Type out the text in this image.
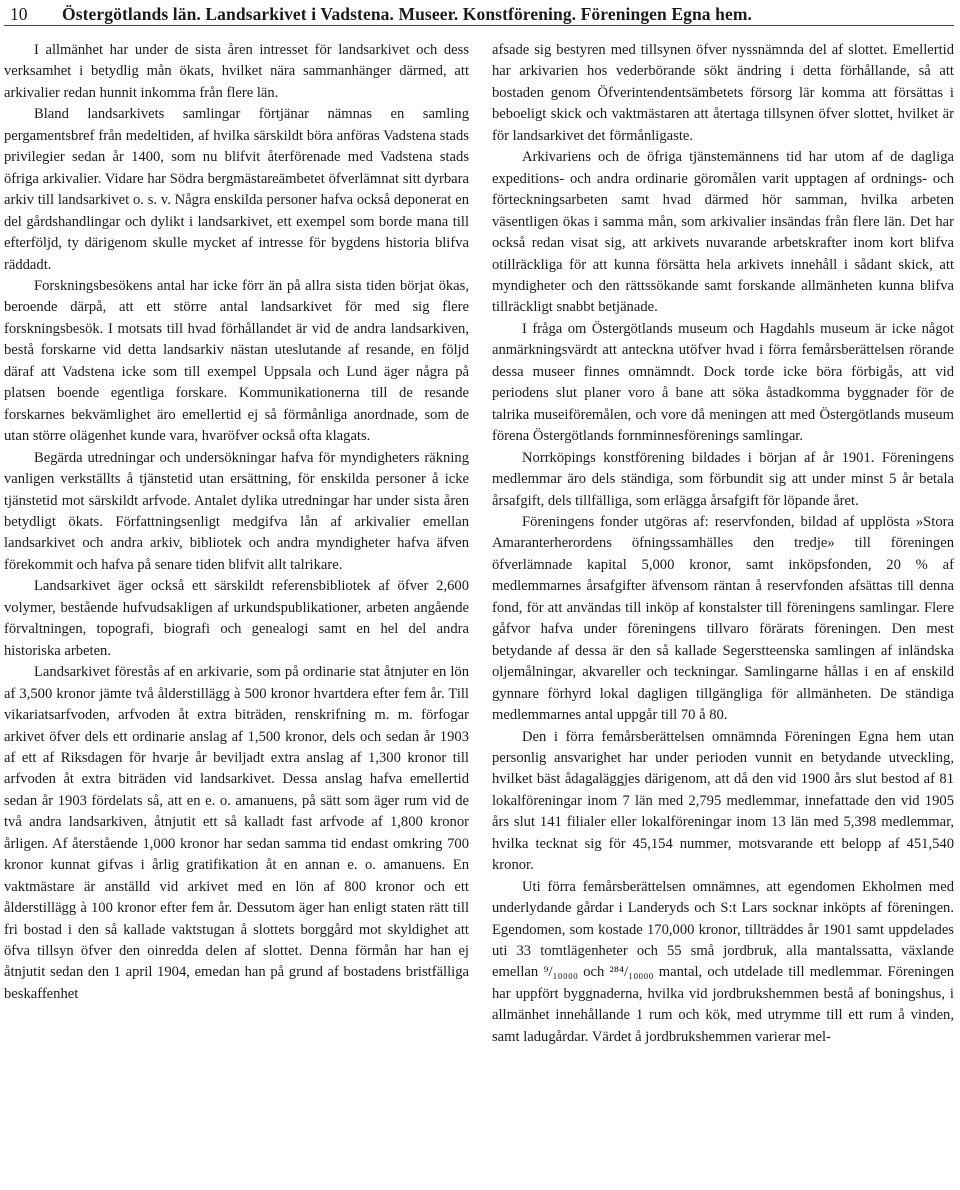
10 Östergötlands län. Landsarkivet i Vadstena. Museer. Konstförening. Föreningen Egna hem.

I allmänhet har under de sista åren intresset för landsarkivet och dess verksamhet i betydlig mån ökats, hvilket nära sammanhänger därmed, att arkivalier redan hunnit inkomma från flere län.

Bland landsarkivets samlingar förtjänar nämnas en samling pergamentsbref från medeltiden, af hvilka särskildt böra anföras Vadstena stads privilegier sedan år 1400, som nu blifvit återförenade med Vadstena stads öfriga arkivalier. Vidare har Södra bergmästareämbetet öfverlämnat sitt dyrbara arkiv till landsarkivet o. s. v. Några enskilda personer hafva också deponerat en del gårdshandlingar och dylikt i landsarkivet, ett exempel som borde mana till efterföljd, ty därigenom skulle mycket af intresse för bygdens historia blifva räddadt.

Forskningsbesökens antal har icke förr än på allra sista tiden börjat ökas, beroende därpå, att ett större antal landsarkivet för med sig flere forskningsbesök. I motsats till hvad förhållandet är vid de andra landsarkiven, bestå forskarne vid detta landsarkiv nästan uteslutande af resande, en följd däraf att Vadstena icke som till exempel Uppsala och Lund äger några på platsen boende egentliga forskare. Kommunikationerna till de resande forskarnes bekvämlighet äro emellertid ej så förmånliga anordnade, som de utan större olägenhet kunde vara, hvaröfver också ofta klagats.

Begärda utredningar och undersökningar hafva för myndigheters räkning vanligen verkställts å tjänstetid utan ersättning, för enskilda personer å icke tjänstetid mot särskildt arfvode. Antalet dylika utredningar har under sista åren betydligt ökats. Författningsenligt medgifva lån af arkivalier emellan landsarkivet och andra arkiv, bibliotek och andra myndigheter hafva äfven förekommit och hafva på senare tiden blifvit allt talrikare.

Landsarkivet äger också ett särskildt referensbibliotek af öfver 2,600 volymer, bestående hufvudsakligen af urkundspublikationer, arbeten angående förvaltningen, topografi, biografi och genealogi samt en hel del andra historiska arbeten.

Landsarkivet förestås af en arkivarie, som på ordinarie stat åtnjuter en lön af 3,500 kronor jämte två ålderstillägg à 500 kronor hvartdera efter fem år. Till vikariatsarfvoden, arfvoden åt extra biträden, renskrifning m. m. förfogar arkivet öfver dels ett ordinarie anslag af 1,500 kronor, dels och sedan år 1903 af ett af Riksdagen för hvarje år beviljadt extra anslag af 1,300 kronor till arfvoden åt extra biträden vid landsarkivet. Dessa anslag hafva emellertid sedan år 1903 fördelats så, att en e. o. amanuens, på sätt som äger rum vid de två andra landsarkiven, åtnjutit ett så kalladt fast arfvode af 1,800 kronor årligen. Af återstående 1,000 kronor har sedan samma tid endast omkring 700 kronor kunnat gifvas i årlig gratifikation åt en annan e. o. amanuens. En vaktmästare är anställd vid arkivet med en lön af 800 kronor och ett ålderstillägg à 100 kronor efter fem år. Dessutom äger han enligt staten rätt till fri bostad i den så kallade vaktstugan å slottets borggård mot skyldighet att öfva tillsyn öfver den oinredda delen af slottet. Denna förmån har han ej åtnjutit sedan den 1 april 1904, emedan han på grund af bostadens bristfälliga beskaffenhet

afsade sig bestyren med tillsynen öfver nyssnämnda del af slottet. Emellertid har arkivarien hos vederbörande sökt ändring i detta förhållande, så att bostaden genom Öfverintendentsämbetets försorg lär komma att försättas i beboeligt skick och vaktmästaren att återtaga tillsynen öfver slottet, hvilket är för landsarkivet det förmånligaste.

Arkivariens och de öfriga tjänstemännens tid har utom af de dagliga expeditions- och andra ordinarie göromålen varit upptagen af ordnings- och förteckningsarbeten samt hvad därmed hör samman, hvilka arbeten väsentligen ökas i samma mån, som arkivalier insändas från flere län. Det har också redan visat sig, att arkivets nuvarande arbetskrafter inom kort blifva otillräckliga för att kunna försätta hela arkivets innehåll i sådant skick, att myndigheter och den rättssökande samt forskande allmänheten kunna blifva tillräckligt snabbt betjänade.

I fråga om Östergötlands museum och Hagdahls museum är icke något anmärkningsvärdt att anteckna utöfver hvad i förra femårsberättelsen rörande dessa museer finnes omnämndt. Dock torde icke böra förbigås, att vid periodens slut planer voro å bane att söka åstadkomma byggnader för de talrika museiföremålen, och vore då meningen att med Östergötlands museum förena Östergötlands fornminnesförenings samlingar.

Norrköpings konstförening bildades i början af år 1901. Föreningens medlemmar äro dels ständiga, som förbundit sig att under minst 5 år betala årsafgift, dels tillfälliga, som erlägga årsafgift för löpande året.

Föreningens fonder utgöras af: reservfonden, bildad af upplösta »Stora Amaranterherordens öfningssamhälles den tredje» till föreningen öfverlämnade kapital 5,000 kronor, samt inköpsfonden, 20 % af medlemmarnes årsafgifter äfvensom räntan å reservfonden afsättas till denna fond, för att användas till inköp af konstalster till föreningens samlingar. Flere gåfvor hafva under föreningens tillvaro förärats föreningen. Den mest betydande af dessa är den så kallade Segerstteenska samlingen af inländska oljemålningar, akvareller och teckningar. Samlingarne hållas i en af enskild gynnare förhyrd lokal dagligen tillgängliga för allmänheten. De ständiga medlemmarnes antal uppgår till 70 å 80.

Den i förra femårsberättelsen omnämnda Föreningen Egna hem utan personlig ansvarighet har under perioden vunnit en betydande utveckling, hvilket bäst ådagaläggjes därigenom, att då den vid 1900 års slut bestod af 81 lokalföreningar inom 7 län med 2,795 medlemmar, innefattade den vid 1905 års slut 141 filialer eller lokalföreningar inom 13 län med 5,398 medlemmar, hvilka tecknat sig för 45,154 nummer, motsvarande ett belopp af 451,540 kronor.

Uti förra femårsberättelsen omnämnes, att egendomen Ekholmen med underlydande gårdar i Landeryds och S:t Lars socknar inköpts af föreningen. Egendomen, som kostade 170,000 kronor, tillträddes år 1901 samt uppdelades uti 33 tomtlägenheter och 55 små jordbruk, alla mantalssatta, växlande emellan ⁹/₁₀₀₀₀ och ²⁸⁴/₁₀₀₀₀ mantal, och utdelade till medlemmar. Föreningen har uppfört byggnaderna, hvilka vid jordbrukshemmen bestå af boningshus, i allmänhet innehållande 1 rum och kök, med utrymme till ett rum å vinden, samt ladugårdar. Värdet å jordbrukshemmen varierar mel-
